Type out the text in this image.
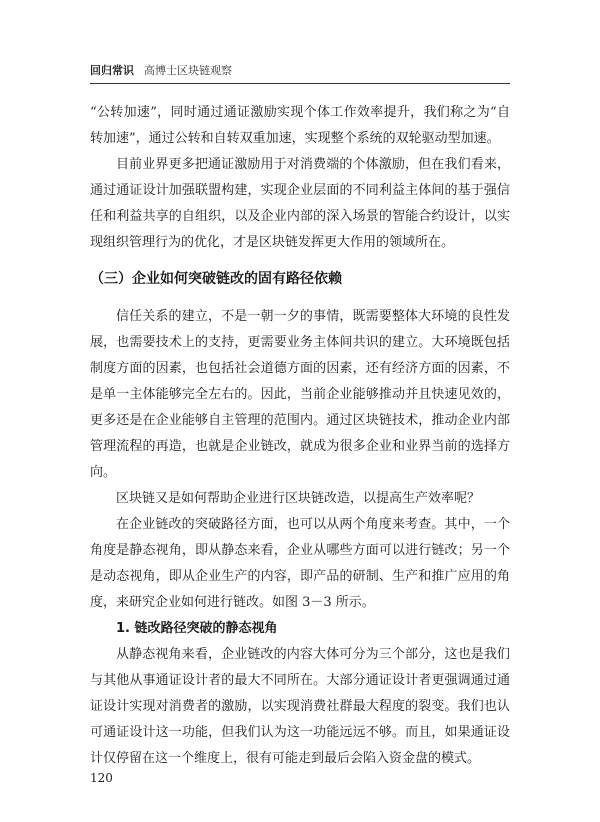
回归常识 高博士区块链观察

“公转加速”，同时通过通证激励实现个体工作效率提升，我们称之为“自转加速”，通过公转和自转双重加速，实现整个系统的双轮驱动型加速。

目前业界更多把通证激励用于对消费端的个体激励，但在我们看来，通过通证设计加强联盟构建，实现企业层面的不同利益主体间的基于强信任和利益共享的自组织，以及企业内部的深入场景的智能合约设计，以实现组织管理行为的优化，才是区块链发挥更大作用的领域所在。

（三）企业如何突破链改的固有路径依赖

信任关系的建立，不是一朝一夕的事情，既需要整体大环境的良性发展，也需要技术上的支持，更需要业务主体间共识的建立。大环境既包括制度方面的因素，也包括社会道德方面的因素，还有经济方面的因素，不是单一主体能够完全左右的。因此，当前企业能够推动并且快速见效的，更多还是在企业能够自主管理的范围内。通过区块链技术，推动企业内部管理流程的再造，也就是企业链改，就成为很多企业和业界当前的选择方向。

区块链又是如何帮助企业进行区块链改造，以提高生产效率呢？

在企业链改的突破路径方面，也可以从两个角度来考查。其中，一个角度是静态视角，即从静态来看，企业从哪些方面可以进行链改；另一个是动态视角，即从企业生产的内容，即产品的研制、生产和推广应用的角度，来研究企业如何进行链改。如图 3－3 所示。

1. 链改路径突破的静态视角

从静态视角来看，企业链改的内容大体可分为三个部分，这也是我们与其他从事通证设计者的最大不同所在。大部分通证设计者更强调通过通证设计实现对消费者的激励，以实现消费社群最大程度的裂变。我们也认可通证设计这一功能，但我们认为这一功能远远不够。而且，如果通证设计仅停留在这一个维度上，很有可能走到最后会陷入资金盘的模式。

120
